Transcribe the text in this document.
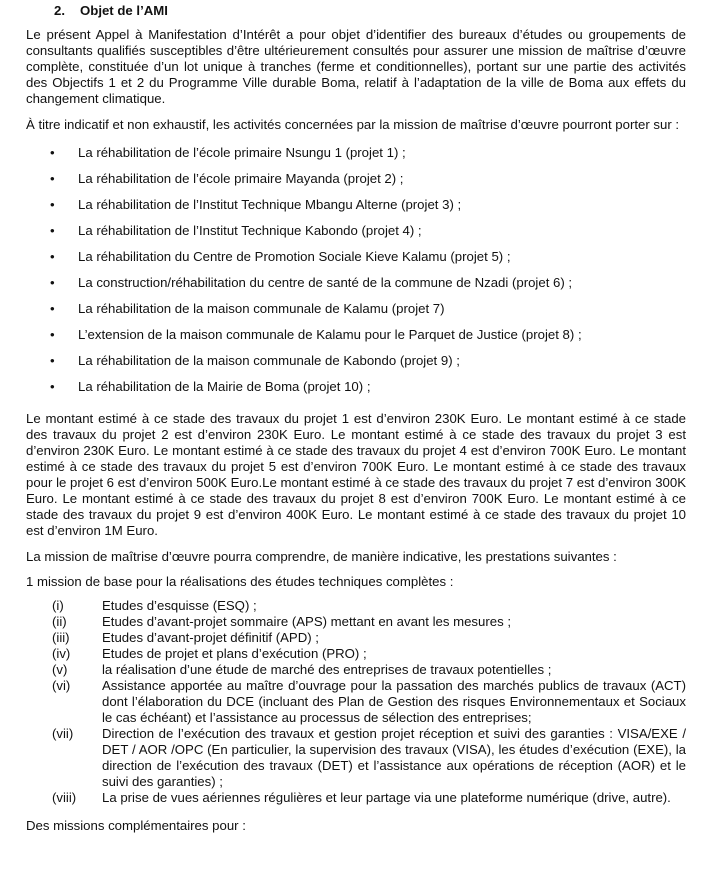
2. Objet de l’AMI

Le présent Appel à Manifestation d’Intérêt a pour objet d’identifier des bureaux d’études ou groupements de consultants qualifiés susceptibles d’être ultérieurement consultés pour assurer une mission de maîtrise d’œuvre complète, constituée d’un lot unique à tranches (ferme et conditionnelles), portant sur une partie des activités des Objectifs 1 et 2 du Programme Ville durable Boma, relatif à l’adaptation de la ville de Boma aux effets du changement climatique.

À titre indicatif et non exhaustif, les activités concernées par la mission de maîtrise d’œuvre pourront porter sur :

•	La réhabilitation de l’école primaire Nsungu 1 (projet 1) ;
•	La réhabilitation de l’école primaire Mayanda (projet 2) ;
•	La réhabilitation de l’Institut Technique Mbangu Alterne (projet 3) ;
•	La réhabilitation de l’Institut Technique Kabondo (projet 4) ;
•	La réhabilitation du Centre de Promotion Sociale Kieve Kalamu (projet 5) ;
•	La construction/réhabilitation du centre de santé de la commune de Nzadi (projet 6) ;
•	La réhabilitation de la maison communale de Kalamu (projet 7)
•	L’extension de la maison communale de Kalamu pour le Parquet de Justice (projet 8) ;
•	La réhabilitation de la maison communale de Kabondo (projet 9) ;
•	La réhabilitation de la Mairie de Boma (projet 10) ;

Le montant estimé à ce stade des travaux du projet 1 est d’environ 230K Euro. Le montant estimé à ce stade des travaux du projet 2 est d’environ 230K Euro. Le montant estimé à ce stade des travaux du projet 3 est d’environ 230K Euro. Le montant estimé à ce stade des travaux du projet 4 est d’environ 700K Euro. Le montant estimé à ce stade des travaux du projet 5 est d’environ 700K Euro. Le montant estimé à ce stade des travaux pour le projet 6 est d’environ 500K Euro.Le montant estimé à ce stade des travaux du projet 7 est d’environ 300K Euro. Le montant estimé à ce stade des travaux du projet 8 est d’environ 700K Euro. Le montant estimé à ce stade des travaux du projet 9 est d’environ 400K Euro. Le montant estimé à ce stade des travaux du projet 10 est d’environ 1M Euro.

La mission de maîtrise d’œuvre pourra comprendre, de manière indicative, les prestations suivantes :

1 mission de base pour la réalisations des études techniques complètes :

(i)	Etudes d’esquisse (ESQ) ;
(ii)	Etudes d’avant-projet sommaire (APS) mettant en avant les mesures ;
(iii)	Etudes d’avant-projet définitif (APD) ;
(iv)	Etudes de projet et plans d’exécution (PRO) ;
(v)	la réalisation d’une étude de marché des entreprises de travaux potentielles ;
(vi)	Assistance apportée au maître d’ouvrage pour la passation des marchés publics de travaux (ACT) dont l’élaboration du DCE (incluant des Plan de Gestion des risques Environnementaux et Sociaux le cas échéant) et l’assistance au processus de sélection des entreprises;
(vii)	Direction de l’exécution des travaux et gestion projet réception et suivi des garanties : VISA/EXE / DET / AOR /OPC (En particulier, la supervision des travaux (VISA), les études d’exécution (EXE), la direction de l’exécution des travaux (DET) et l’assistance aux opérations de réception (AOR) et le suivi des garanties) ;
(viii)	La prise de vues aériennes régulières et leur partage via une plateforme numérique (drive, autre).

Des missions complémentaires pour :
